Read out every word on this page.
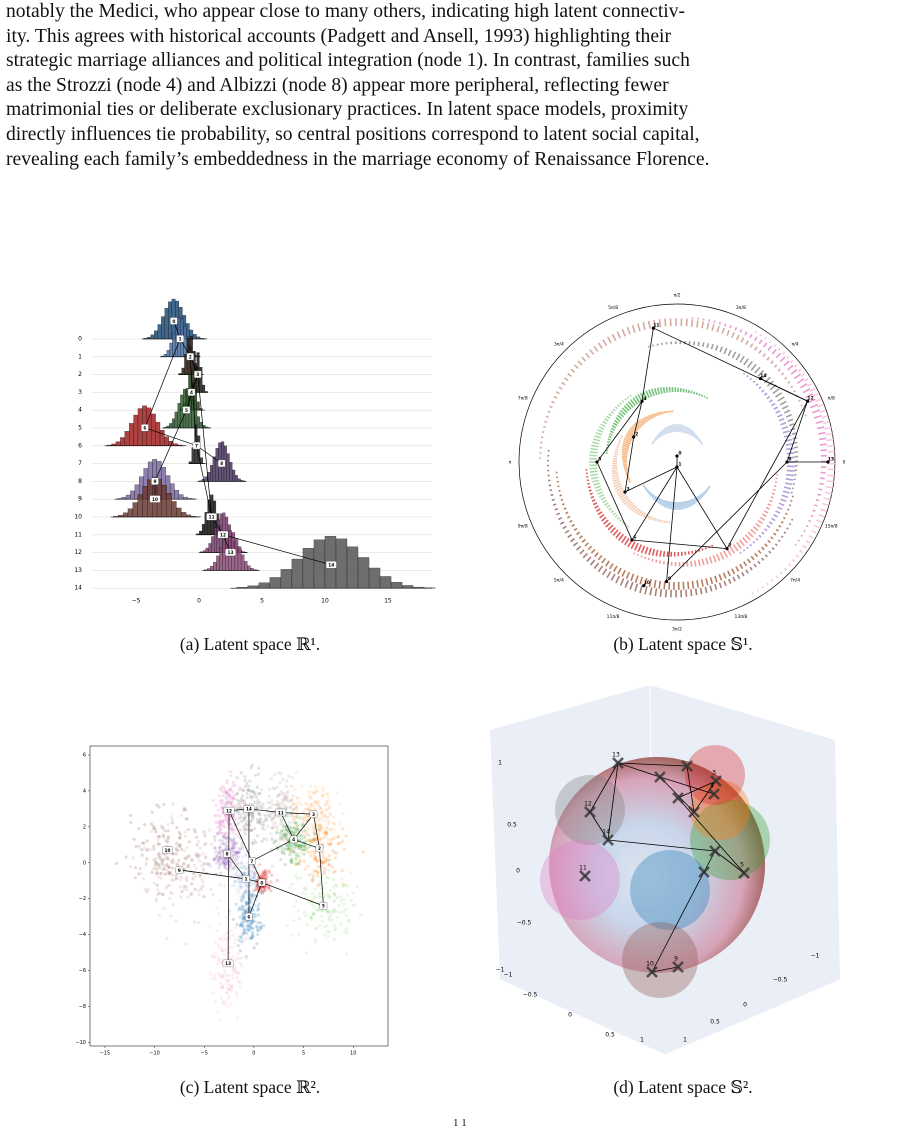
notably the Medici, who appear close to many others, indicating high latent connectiv-

ity. This agrees with historical accounts (Padgett and Ansell, 1993) highlighting their

strategic marriage alliances and political integration (node 1). In contrast, families such

as the Strozzi (node 4) and Albizzi (node 8) appear more peripheral, reflecting fewer

matrimonial ties or deliberate exclusionary practices. In latent space models, proximity

directly influences tie probability, so central positions correspond to latent social capital,

revealing each family’s embeddedness in the marriage economy of Renaissance Florence.

0
1
2
3
4
5
6
7
8
9
10
11
12
13
14
−5	0	5	10	15
0
1
2
3
4
5
6
7
8
9
10
11
12
13
14
(a) Latent space ℝ¹.
0
π/8
π/4
3π/8
π/2
5π/8
3π/4
7π/8
π
9π/8
5π/4
11π/8
3π/2
13π/8
7π/4
15π/8
0
1
2
3
4
5
6
7
8
9
10
11
12
13
14
(b) Latent space 𝕊¹.
−15	−10	−5	0	5	10
6
4
2
0
−2
−4
−6
−8
−10
0
1
2
3
4
5
6
7
8
9
10
11
12
13
14
(c) Latent space ℝ².
1
0.5
0
−0.5
−1
−1
−0.5
0
0.5
1
−1
−0.5
0
0.5
1
13
3
4
12
14
11	5
10
9
(d) Latent space 𝕊².
1 1
